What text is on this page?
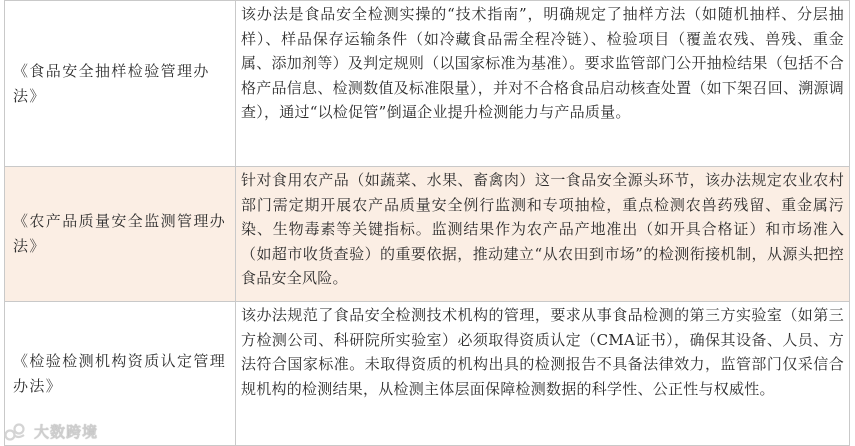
《食品安全抽样检验管理办法》	该办法是食品安全检测实操的“技术指南”，明确规定了抽样方法（如随机抽样、分层抽样）、样品保存运输条件（如冷藏食品需全程冷链）、检验项目（覆盖农残、兽残、重金属、添加剂等）及判定规则（以国家标准为基准）。要求监管部门公开抽检结果（包括不合格产品信息、检测数值及标准限量），并对不合格食品启动核查处置（如下架召回、溯源调查），通过“以检促管”倒逼企业提升检测能力与产品质量。
《农产品质量安全监测管理办法》	针对食用农产品（如蔬菜、水果、畜禽肉）这一食品安全源头环节，该办法规定农业农村部门需定期开展农产品质量安全例行监测和专项抽检，重点检测农兽药残留、重金属污染、生物毒素等关键指标。监测结果作为农产品产地准出（如开具合格证）和市场准入（如超市收货查验）的重要依据，推动建立“从农田到市场”的检测衔接机制，从源头把控食品安全风险。
《检验检测机构资质认定管理办法》	该办法规范了食品安全检测技术机构的管理，要求从事食品检测的第三方实验室（如第三方检测公司、科研院所实验室）必须取得资质认定（CMA证书），确保其设备、人员、方法符合国家标准。未取得资质的机构出具的检测报告不具备法律效力，监管部门仅采信合规机构的检测结果，从检测主体层面保障检测数据的科学性、公正性与权威性。
大数跨境
